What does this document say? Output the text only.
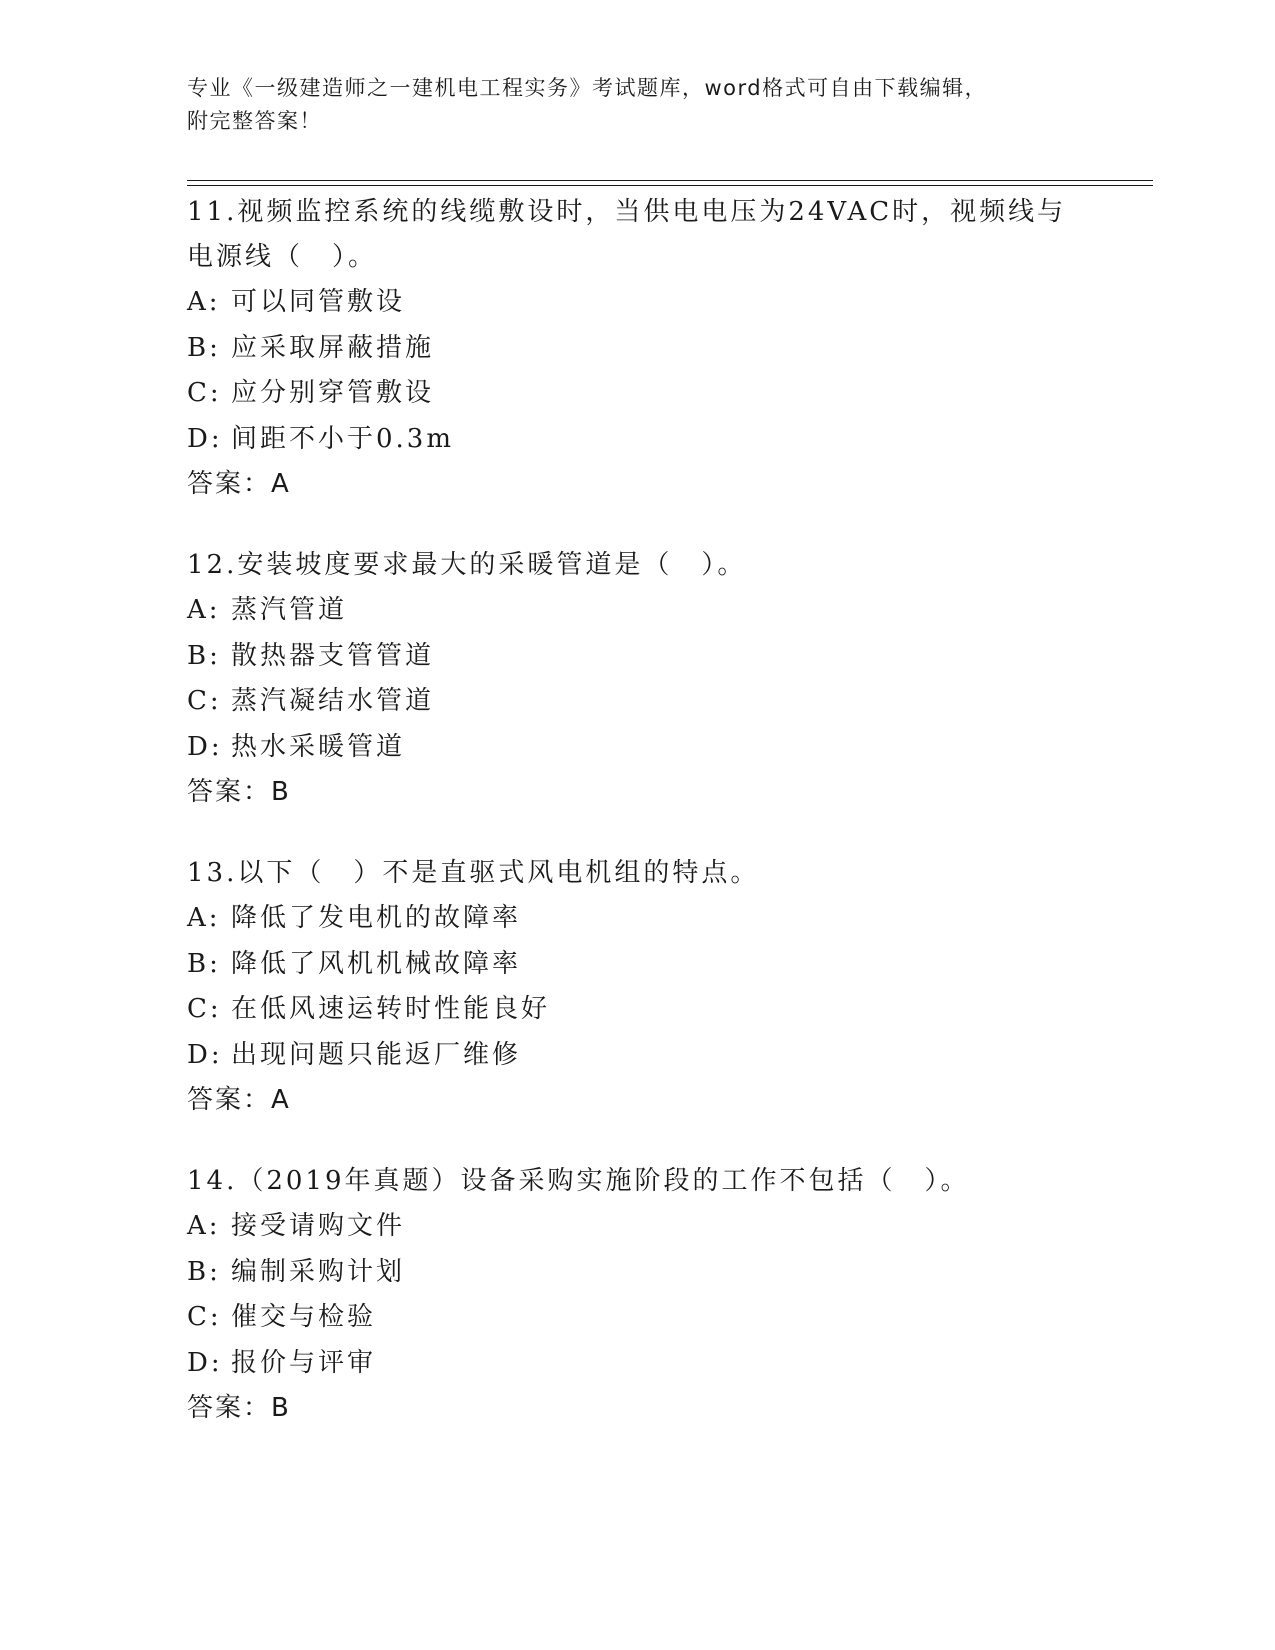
专业《一级建造师之一建机电工程实务》考试题库，word格式可自由下载编辑，

附完整答案！

11.视频监控系统的线缆敷设时，当供电电压为24VAC时，视频线与电源线（　）。

A: 可以同管敷设

B: 应采取屏蔽措施

C: 应分别穿管敷设

D: 间距不小于0.3m

答案：A

12.安装坡度要求最大的采暖管道是（　）。

A: 蒸汽管道

B: 散热器支管管道

C: 蒸汽凝结水管道

D: 热水采暖管道

答案：B

13.以下（　）不是直驱式风电机组的特点。

A: 降低了发电机的故障率

B: 降低了风机机械故障率

C: 在低风速运转时性能良好

D: 出现问题只能返厂维修

答案：A

14.（2019年真题）设备采购实施阶段的工作不包括（　）。

A: 接受请购文件

B: 编制采购计划

C: 催交与检验

D: 报价与评审

答案：B
